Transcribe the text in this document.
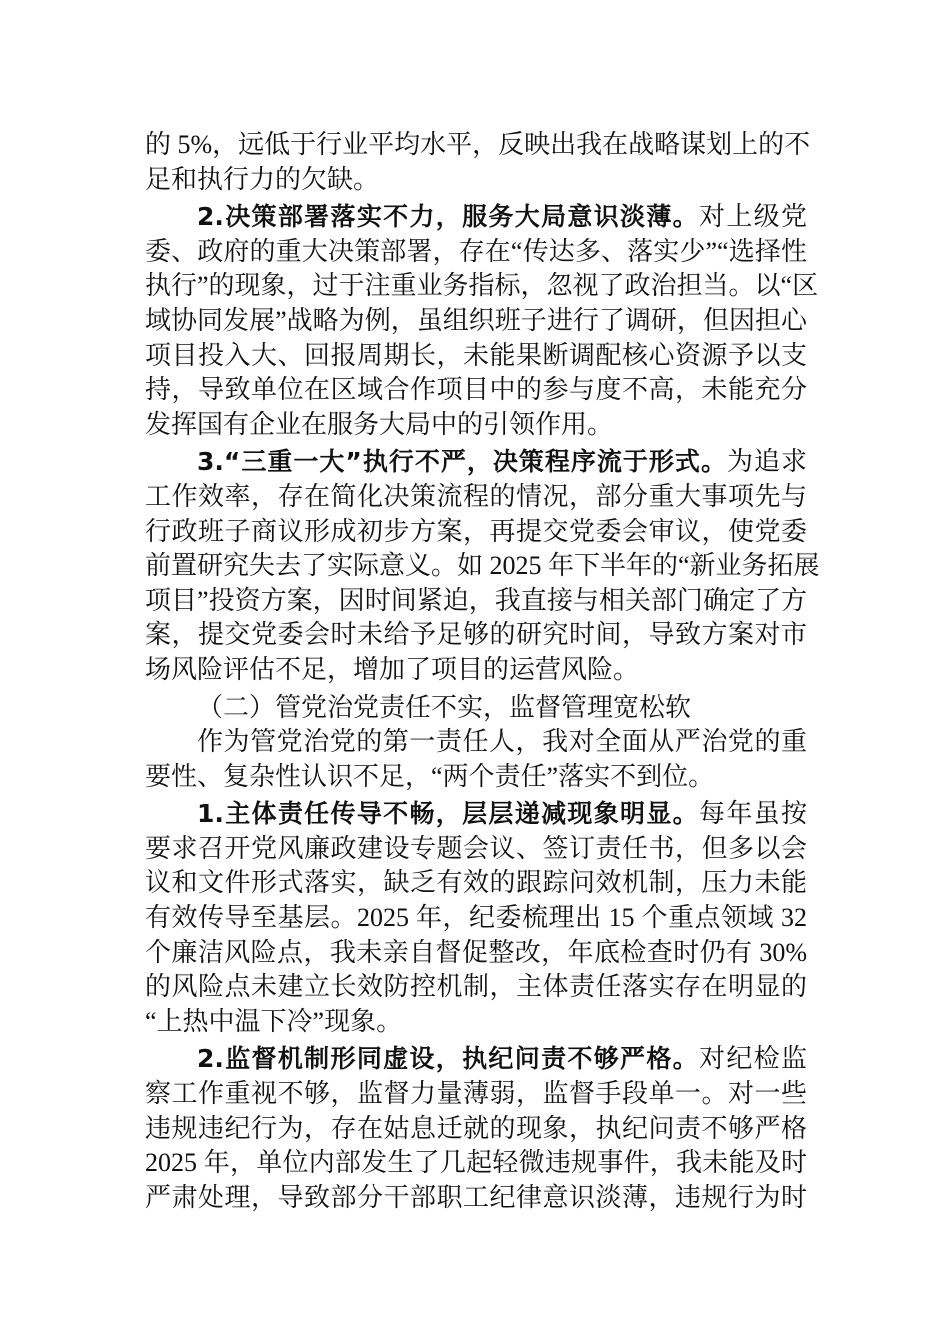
的 5%，远低于行业平均水平，反映出我在战略谋划上的不
足和执行力的欠缺。
2.决策部署落实不力，服务大局意识淡薄。对上级党
委、政府的重大决策部署，存在“传达多、落实少”“选择性
执行”的现象，过于注重业务指标，忽视了政治担当。以“区
域协同发展”战略为例，虽组织班子进行了调研，但因担心
项目投入大、回报周期长，未能果断调配核心资源予以支
持，导致单位在区域合作项目中的参与度不高，未能充分
发挥国有企业在服务大局中的引领作用。
3.“三重一大”执行不严，决策程序流于形式。为追求
工作效率，存在简化决策流程的情况，部分重大事项先与
行政班子商议形成初步方案，再提交党委会审议，使党委
前置研究失去了实际意义。如 2025 年下半年的“新业务拓展
项目”投资方案，因时间紧迫，我直接与相关部门确定了方
案，提交党委会时未给予足够的研究时间，导致方案对市
场风险评估不足，增加了项目的运营风险。
（二）管党治党责任不实，监督管理宽松软
作为管党治党的第一责任人，我对全面从严治党的重
要性、复杂性认识不足，“两个责任”落实不到位。
1.主体责任传导不畅，层层递减现象明显。每年虽按
要求召开党风廉政建设专题会议、签订责任书，但多以会
议和文件形式落实，缺乏有效的跟踪问效机制，压力未能
有效传导至基层。2025 年，纪委梳理出 15 个重点领域 32
个廉洁风险点，我未亲自督促整改，年底检查时仍有 30%
的风险点未建立长效防控机制，主体责任落实存在明显的
“上热中温下冷”现象。
2.监督机制形同虚设，执纪问责不够严格。对纪检监
察工作重视不够，监督力量薄弱，监督手段单一。对一些
违规违纪行为，存在姑息迁就的现象，执纪问责不够严格
2025 年，单位内部发生了几起轻微违规事件，我未能及时
严肃处理，导致部分干部职工纪律意识淡薄，违规行为时
